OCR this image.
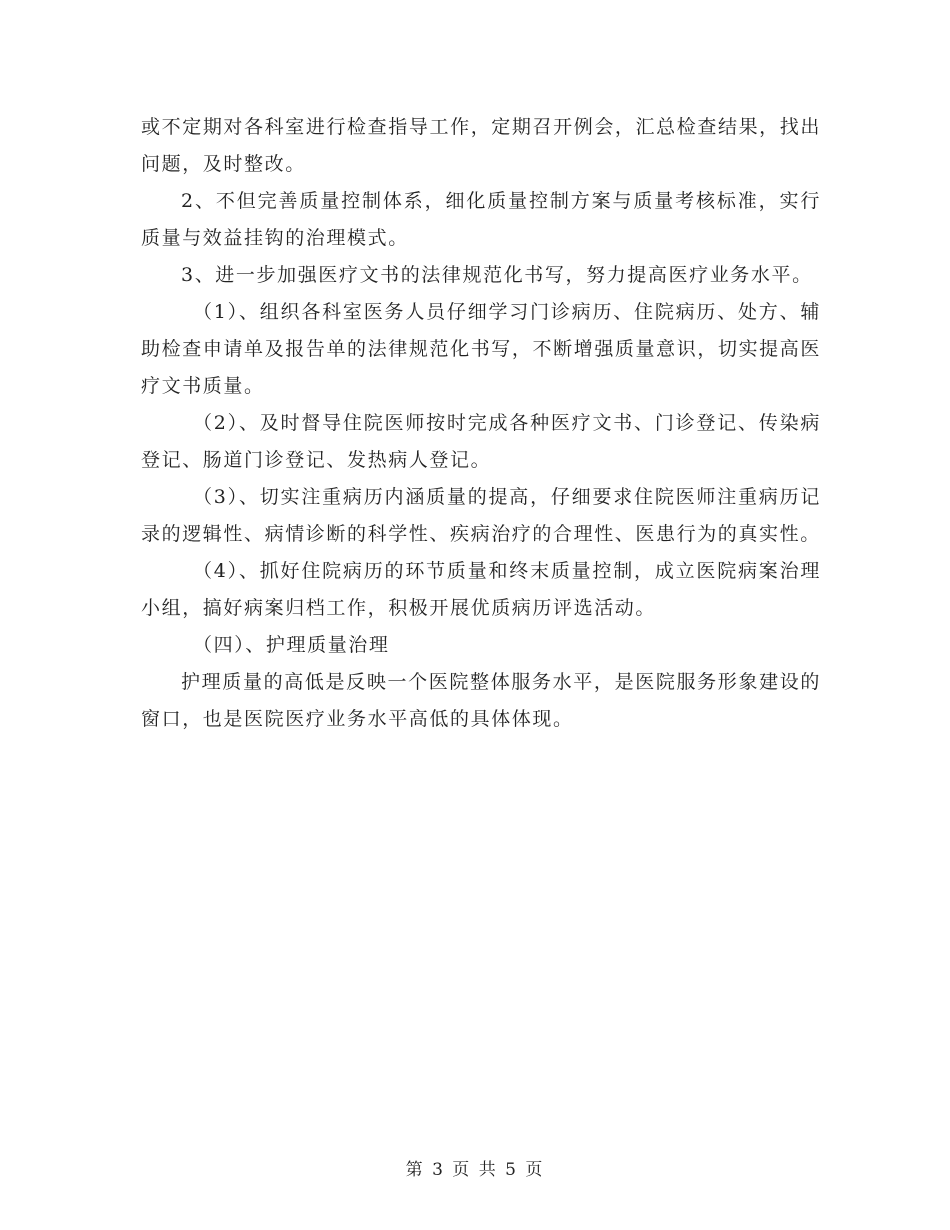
或不定期对各科室进行检查指导工作，定期召开例会，汇总检查结果，找出问题，及时整改。

2、不但完善质量控制体系，细化质量控制方案与质量考核标准，实行质量与效益挂钩的治理模式。

3、进一步加强医疗文书的法律规范化书写，努力提高医疗业务水平。

（1）、组织各科室医务人员仔细学习门诊病历、住院病历、处方、辅助检查申请单及报告单的法律规范化书写，不断增强质量意识，切实提高医疗文书质量。

（2）、及时督导住院医师按时完成各种医疗文书、门诊登记、传染病登记、肠道门诊登记、发热病人登记。

（3）、切实注重病历内涵质量的提高，仔细要求住院医师注重病历记录的逻辑性、病情诊断的科学性、疾病治疗的合理性、医患行为的真实性。

（4）、抓好住院病历的环节质量和终末质量控制，成立医院病案治理小组，搞好病案归档工作，积极开展优质病历评选活动。

（四）、护理质量治理

护理质量的高低是反映一个医院整体服务水平，是医院服务形象建设的窗口，也是医院医疗业务水平高低的具体体现。

第 3 页 共 5 页
